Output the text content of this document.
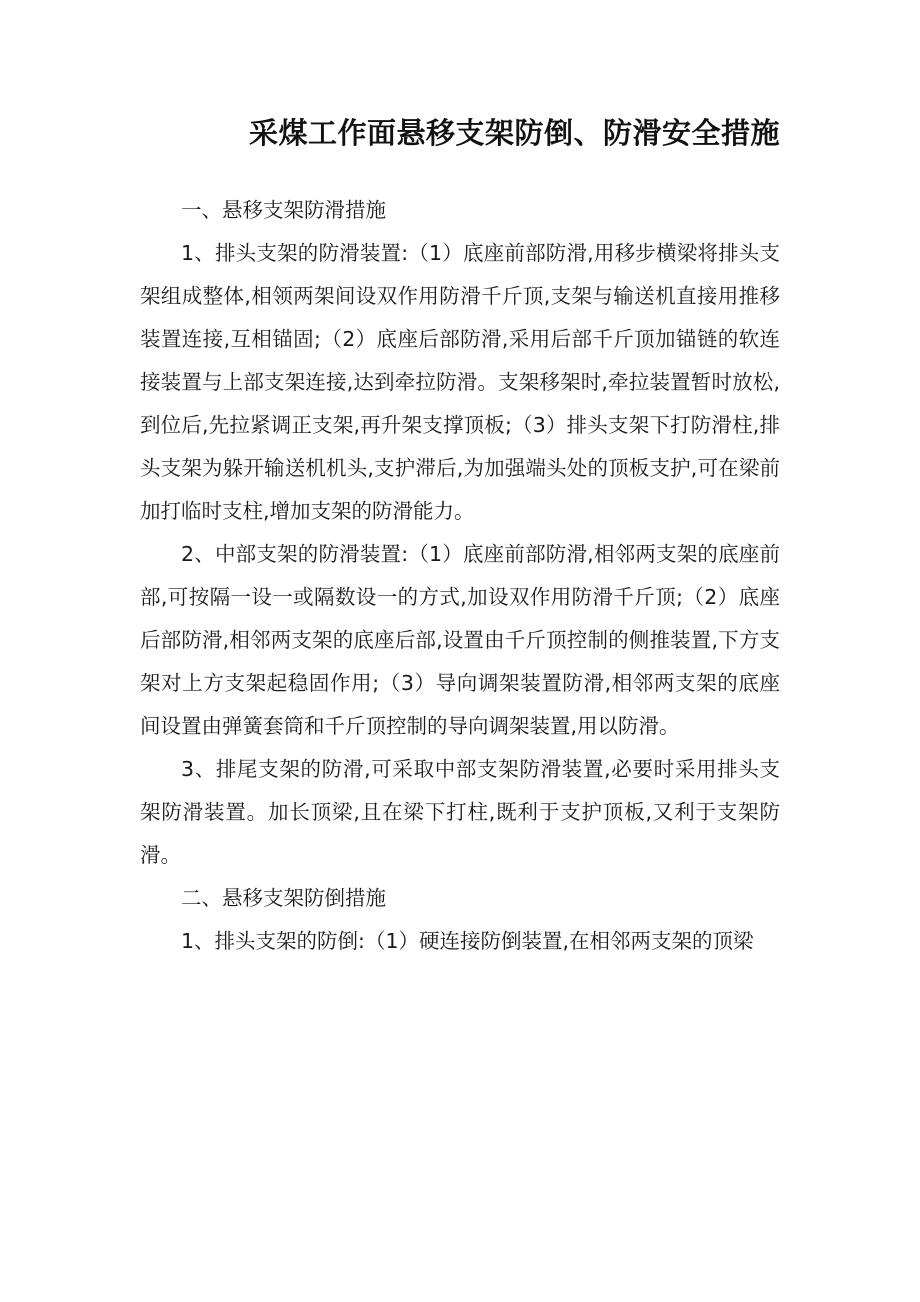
采煤工作面悬移支架防倒、防滑安全措施

一、悬移支架防滑措施

1、排头支架的防滑装置:（1）底座前部防滑,用移步横梁将排头支架组成整体,相领两架间设双作用防滑千斤顶,支架与输送机直接用推移装置连接,互相锚固;（2）底座后部防滑,采用后部千斤顶加锚链的软连接装置与上部支架连接,达到牵拉防滑。支架移架时,牵拉装置暂时放松,到位后,先拉紧调正支架,再升架支撑顶板;（3）排头支架下打防滑柱,排头支架为躲开输送机机头,支护滞后,为加强端头处的顶板支护,可在梁前加打临时支柱,增加支架的防滑能力。

2、中部支架的防滑装置:（1）底座前部防滑,相邻两支架的底座前部,可按隔一设一或隔数设一的方式,加设双作用防滑千斤顶;（2）底座后部防滑,相邻两支架的底座后部,设置由千斤顶控制的侧推装置,下方支架对上方支架起稳固作用;（3）导向调架装置防滑,相邻两支架的底座间设置由弹簧套筒和千斤顶控制的导向调架装置,用以防滑。

3、排尾支架的防滑,可采取中部支架防滑装置,必要时采用排头支架防滑装置。加长顶梁,且在梁下打柱,既利于支护顶板,又利于支架防滑。

二、悬移支架防倒措施

1、排头支架的防倒:（1）硬连接防倒装置,在相邻两支架的顶梁
